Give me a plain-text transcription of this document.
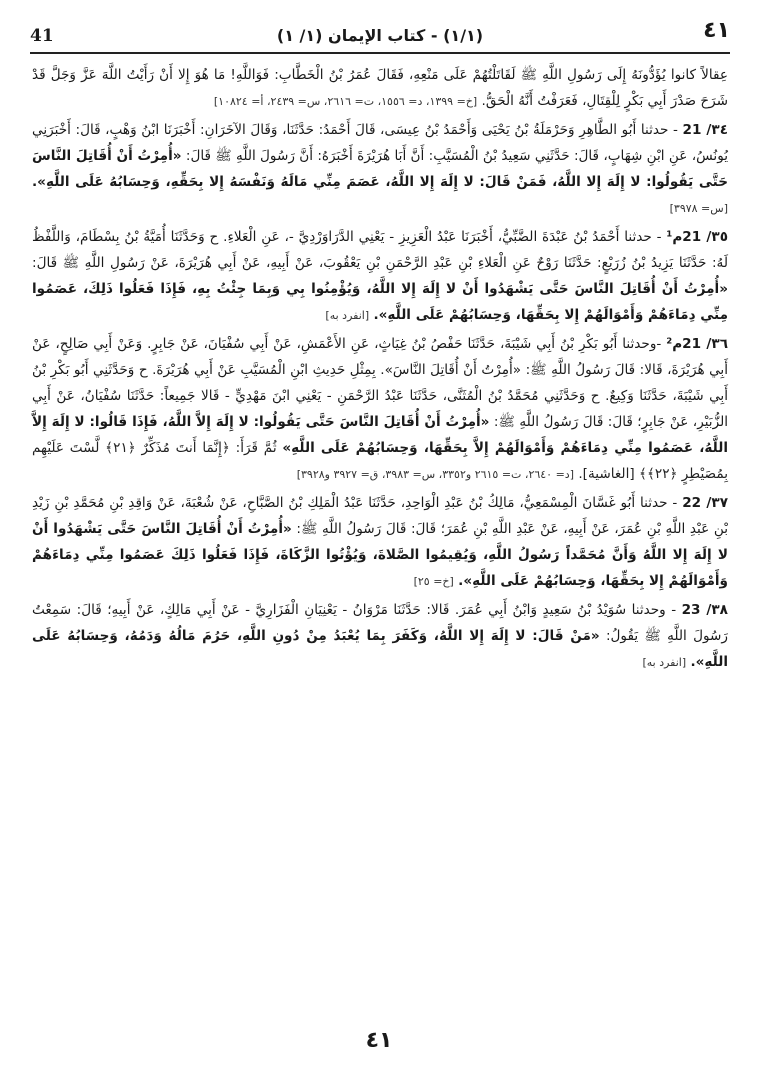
41	(١/١) - كتاب الإيمان (١/ ١)	٤١

عِقالاً كانوا يُؤَدُّونَهُ إِلَى رَسُولِ اللَّهِ ﷺ لَقَاتَلْتُهُمْ عَلَى مَنْعِهِ، فَقَالَ عُمَرُ بْنُ الْخَطَّابِ: فَوَاللَّهِ! مَا هُوَ إِلا أَنْ رَأَيْتُ اللَّهَ عَزَّ وَجَلَّ قَدْ شَرَحَ صَدْرَ أَبِي بَكْرٍ لِلْقِتَالِ، فَعَرَفْتُ أَنَّهُ الْحَقُّ. [خ= ١٣٩٩، د= ١٥٥٦، ت= ٢٦١٦، س= ٢٤٣٩، أ= ١٠٨٢٤]

٣٤/ 21 - حدثنا أَبُو الطَّاهِرِ وَحَرْمَلَةُ بْنُ يَحْيَى وَأَحْمَدُ بْنُ عِيسَى، قَالَ أَحْمَدُ: حَدَّثَنَا، وَقَالَ الآخَرَانِ: أَخْبَرَنَا ابْنُ وَهْبٍ، قَالَ: أَخْبَرَنِي يُونُسُ، عَنِ ابْنِ شِهَابٍ، قَالَ: حَدَّثَنِي سَعِيدُ بْنُ الْمُسَيَّبِ: أَنَّ أَبَا هُرَيْرَةَ أَخْبَرَهُ: أَنَّ رَسُولَ اللَّهِ ﷺ قَالَ: «أُمِرْتُ أَنْ أُقَاتِلَ النَّاسَ حَتَّى يَقُولُوا: لا إِلَهَ إِلا اللَّهُ، فَمَنْ قَالَ: لا إِلَهَ إِلا اللَّهُ، عَصَمَ مِنِّي مَالَهُ وَنَفْسَهُ إِلا بِحَقِّهِ، وَحِسَابُهُ عَلَى اللَّهِ». [س= ٣٩٧٨]

٣٥/ 21م¹ - حدثنا أَحْمَدُ بْنُ عَبْدَةَ الضَّبِّيُّ، أَخْبَرَنَا عَبْدُ الْعَزِيزِ - يَعْنِي الدَّرَاوَرْدِيَّ -، عَنِ الْعَلاءِ. ح وَحَدَّثَنَا أُمَيَّةُ بْنُ بِسْطَامَ، وَاللَّفْظُ لَهُ: حَدَّثَنَا يَزِيدُ بْنُ زُرَيْعٍ: حَدَّثَنَا رَوْحٌ عَنِ الْعَلاءِ بْنِ عَبْدِ الرَّحْمَنِ بْنِ يَعْقُوبَ، عَنْ أَبِيهِ، عَنْ أَبِي هُرَيْرَةَ، عَنْ رَسُولِ اللَّهِ ﷺ قَالَ: «أُمِرْتُ أَنْ أُقَاتِلَ النَّاسَ حَتَّى يَشْهَدُوا أَنْ لا إِلَهَ إِلا اللَّهُ، وَيُؤْمِنُوا بِي وَبِمَا جِئْتُ بِهِ، فَإِذَا فَعَلُوا ذَلِكَ، عَصَمُوا مِنِّي دِمَاءَهُمْ وَأَمْوَالَهُمْ إِلا بِحَقِّهَا، وَحِسَابُهُمْ عَلَى اللَّهِ». [انفرد به]

٣٦/ 21م² -وحدثنا أَبُو بَكْرِ بْنُ أَبِي شَيْبَةَ، حَدَّثَنَا حَفْصُ بْنُ غِيَاثٍ، عَنِ الأَعْمَشِ، عَنْ أَبِي سُفْيَانَ، عَنْ جَابِرٍ. وَعَنْ أَبِي صَالِحٍ، عَنْ أَبِي هُرَيْرَةَ، قَالا: قَالَ رَسُولُ اللَّهِ ﷺ: «أُمِرْتُ أَنْ أُقَاتِلَ النَّاسَ». بِمِثْلِ حَدِيثِ ابْنِ الْمُسَيَّبِ عَنْ أَبِي هُرَيْرَةَ. ح وَحَدَّثَنِي أَبُو بَكْرِ بْنُ أَبِي شَيْبَةَ، حَدَّثَنَا وَكِيعٌ. ح وَحَدَّثَنِي مُحَمَّدُ بْنُ الْمُثَنَّى، حَدَّثَنَا عَبْدُ الرَّحْمَنِ - يَعْنِي ابْنَ مَهْدِيٍّ - قَالا جَمِيعاً: حَدَّثَنَا سُفْيَانُ، عَنْ أَبِي الزُّبَيْرِ، عَنْ جَابِرٍ؛ قَالَ: قَالَ رَسُولُ اللَّهِ ﷺ: «أُمِرْتُ أَنْ أُقَاتِلَ النَّاسَ حَتَّى يَقُولُوا: لا إِلَهَ إِلاَّ اللَّهُ، فَإِذَا قَالُوا: لا إِلَهَ إِلاَّ اللَّهُ، عَصَمُوا مِنِّي دِمَاءَهُمْ وَأَمْوَالَهُمْ إِلاَّ بِحَقِّهَا، وَحِسَابُهُمْ عَلَى اللَّهِ» ثُمَّ قَرَأَ: ﴿إِنَّمَا أَنتَ مُذَكِّرٌ ﴿٢١﴾ لَّسْتَ عَلَيْهِم بِمُصَيْطِرٍ ﴿٢٢﴾﴾ [الغاشية]. [د= ٢٦٤٠، ت= ٢٦١٥ و٣٣٥٢، س= ٣٩٨٣، ق= ٣٩٢٧ و٣٩٢٨]

٣٧/ 22 - حدثنا أَبُو غَسَّانَ الْمِسْمَعِيُّ، مَالِكُ بْنُ عَبْدِ الْوَاحِدِ، حَدَّثَنَا عَبْدُ الْمَلِكِ بْنُ الصَّبَّاحِ، عَنْ شُعْبَةَ، عَنْ وَاقِدِ بْنِ مُحَمَّدِ بْنِ زَيْدِ بْنِ عَبْدِ اللَّهِ بْنِ عُمَرَ، عَنْ أَبِيهِ، عَنْ عَبْدِ اللَّهِ بْنِ عُمَرَ؛ قَالَ: قَالَ رَسُولُ اللَّهِ ﷺ: «أُمِرْتُ أَنْ أُقَاتِلَ النَّاسَ حَتَّى يَشْهَدُوا أَنْ لا إِلَهَ إِلا اللَّهُ وَأَنَّ مُحَمَّداً رَسُولُ اللَّهِ، وَيُقِيمُوا الصَّلاةَ، وَيُؤْتُوا الزَّكَاةَ، فَإِذَا فَعَلُوا ذَلِكَ عَصَمُوا مِنِّي دِمَاءَهُمْ وَأَمْوَالَهُمْ إِلا بِحَقِّهَا، وَحِسَابُهُمْ عَلَى اللَّهِ». [خ= ٢٥]

٣٨/ 23 - وحدثنا سُوَيْدُ بْنُ سَعِيدٍ وَابْنُ أَبِي عُمَرَ. قَالا: حَدَّثَنَا مَرْوَانُ - يَعْنِيَانِ الْفَزَارِيَّ - عَنْ أَبِي مَالِكٍ، عَنْ أَبِيهِ؛ قَالَ: سَمِعْتُ رَسُولَ اللَّهِ ﷺ يَقُولُ: «مَنْ قَالَ: لا إِلَهَ إِلا اللَّهُ، وَكَفَرَ بِمَا يُعْبَدُ مِنْ دُونِ اللَّهِ، حَرُمَ مَالُهُ وَدَمُهُ، وَحِسَابُهُ عَلَى اللَّهِ». [انفرد به]

٤١
